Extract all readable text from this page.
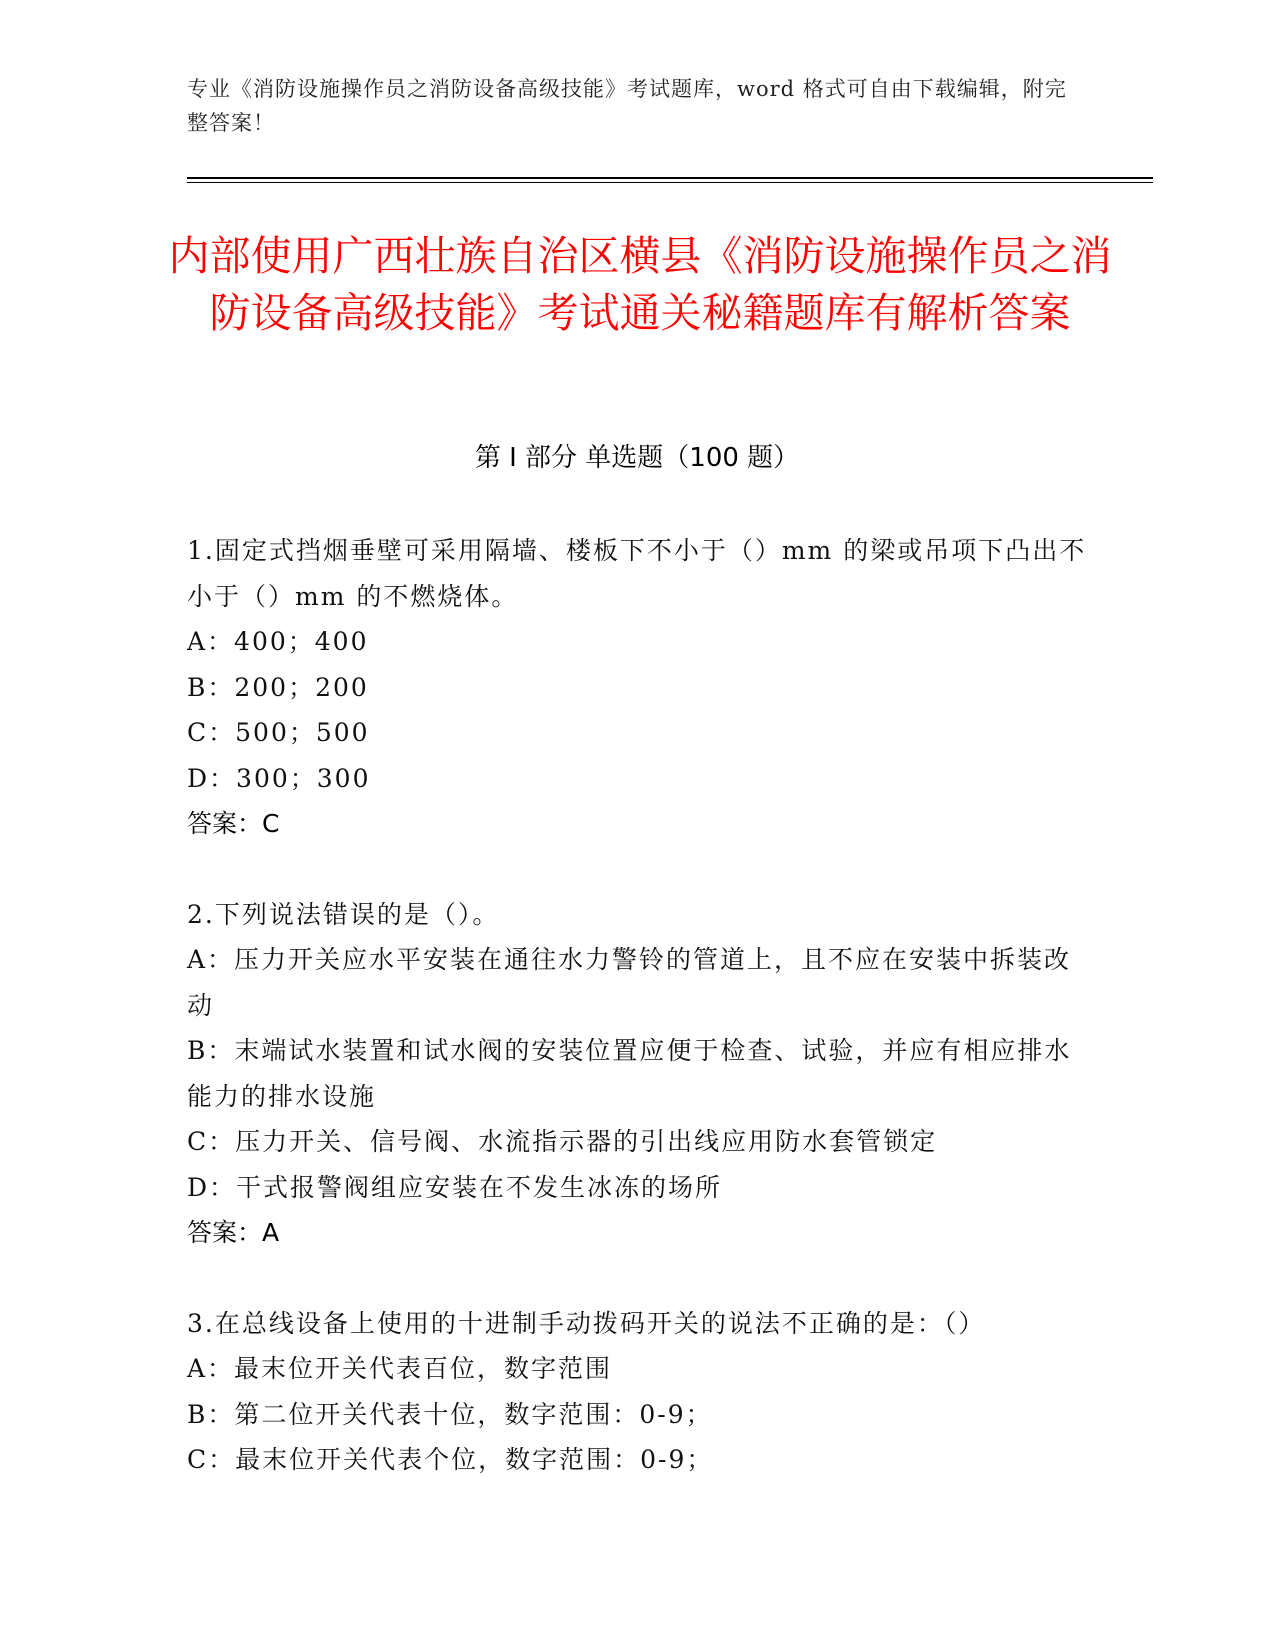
专业《消防设施操作员之消防设备高级技能》考试题库，word 格式可自由下载编辑，附完整答案！
内部使用广西壮族自治区横县《消防设施操作员之消防设备高级技能》考试通关秘籍题库有解析答案
第 I 部分 单选题（100 题）

1.固定式挡烟垂壁可采用隔墙、楼板下不小于（）mm 的梁或吊项下凸出不小于（）mm 的不燃烧体。

A：400；400

B：200；200

C：500；500

D：300；300

答案：C

2.下列说法错误的是（）。

A：压力开关应水平安装在通往水力警铃的管道上，且不应在安装中拆装改动

B：末端试水装置和试水阀的安装位置应便于检查、试验，并应有相应排水能力的排水设施

C：压力开关、信号阀、水流指示器的引出线应用防水套管锁定

D：干式报警阀组应安装在不发生冰冻的场所

答案：A

3.在总线设备上使用的十进制手动拨码开关的说法不正确的是：（）

A：最末位开关代表百位，数字范围

B：第二位开关代表十位，数字范围：0-9；

C：最末位开关代表个位，数字范围：0-9；
